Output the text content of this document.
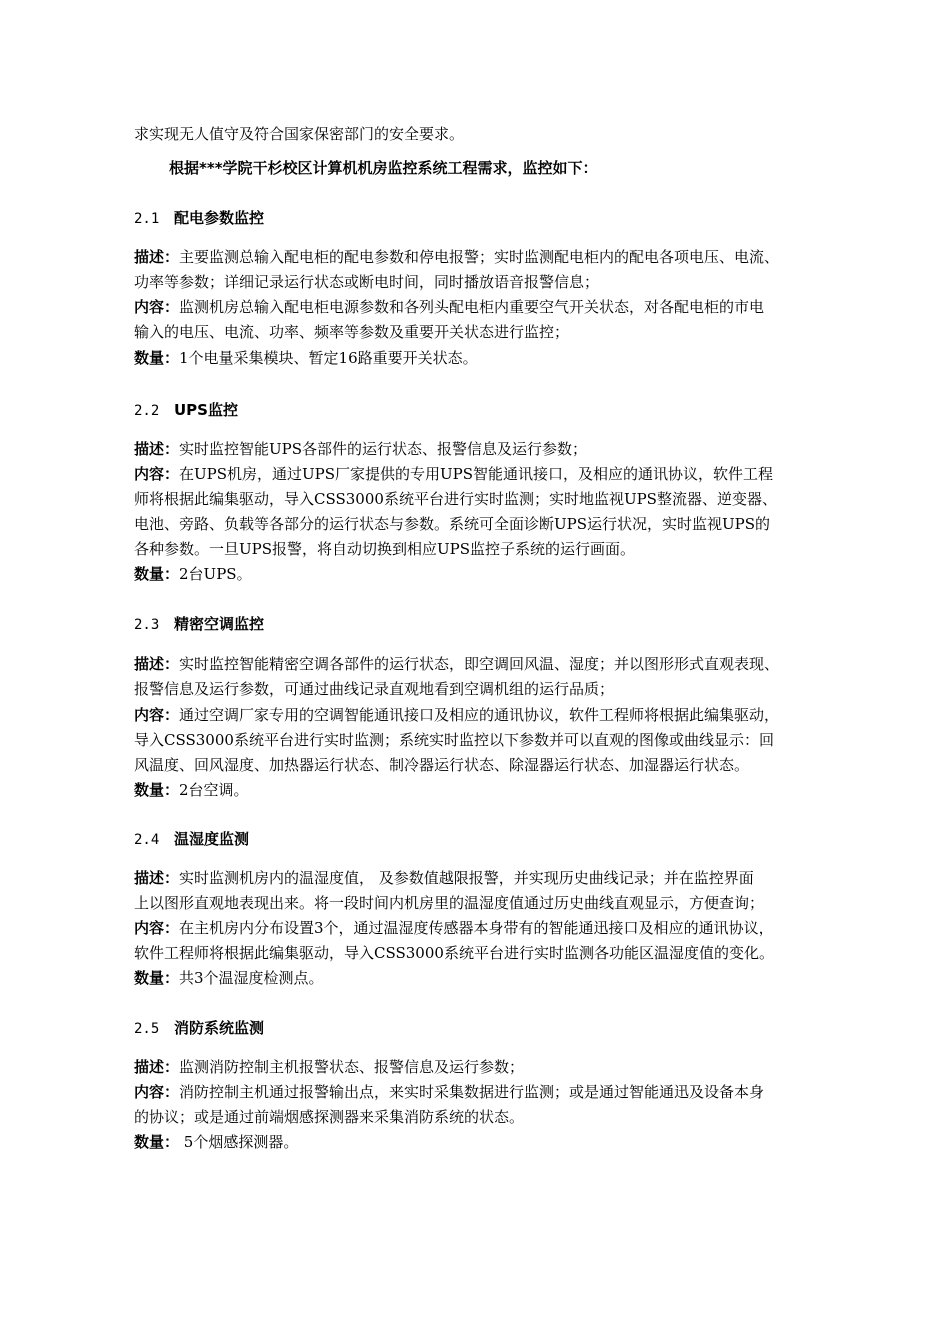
求实现无人值守及符合国家保密部门的安全要求。
根据***学院干杉校区计算机机房监控系统工程需求，监控如下：
2.1 配电参数监控
描述：主要监测总输入配电柜的配电参数和停电报警；实时监测配电柜内的配电各项电压、电流、
功率等参数；详细记录运行状态或断电时间，同时播放语音报警信息；
内容：监测机房总输入配电柜电源参数和各列头配电柜内重要空气开关状态，对各配电柜的市电
输入的电压、电流、功率、频率等参数及重要开关状态进行监控；
数量：1个电量采集模块、暂定16路重要开关状态。
2.2 UPS监控
描述：实时监控智能UPS各部件的运行状态、报警信息及运行参数；
内容：在UPS机房，通过UPS厂家提供的专用UPS智能通讯接口，及相应的通讯协议，软件工程
师将根据此编集驱动，导入CSS3000系统平台进行实时监测；实时地监视UPS整流器、逆变器、
电池、旁路、负载等各部分的运行状态与参数。系统可全面诊断UPS运行状况，实时监视UPS的
各种参数。一旦UPS报警，将自动切换到相应UPS监控子系统的运行画面。
数量：2台UPS。
2.3 精密空调监控
描述：实时监控智能精密空调各部件的运行状态，即空调回风温、湿度；并以图形形式直观表现、
报警信息及运行参数，可通过曲线记录直观地看到空调机组的运行品质；
内容：通过空调厂家专用的空调智能通讯接口及相应的通讯协议，软件工程师将根据此编集驱动，
导入CSS3000系统平台进行实时监测；系统实时监控以下参数并可以直观的图像或曲线显示：回
风温度、回风湿度、加热器运行状态、制冷器运行状态、除湿器运行状态、加湿器运行状态。
数量：2台空调。
2.4 温湿度监测
描述：实时监测机房内的温湿度值， 及参数值越限报警，并实现历史曲线记录；并在监控界面
上以图形直观地表现出来。将一段时间内机房里的温湿度值通过历史曲线直观显示，方便查询；
内容：在主机房内分布设置3个，通过温湿度传感器本身带有的智能通迅接口及相应的通讯协议，
软件工程师将根据此编集驱动，导入CSS3000系统平台进行实时监测各功能区温湿度值的变化。
数量：共3个温湿度检测点。
2.5 消防系统监测
描述：监测消防控制主机报警状态、报警信息及运行参数；
内容：消防控制主机通过报警输出点，来实时采集数据进行监测；或是通过智能通迅及设备本身
的协议；或是通过前端烟感探测器来采集消防系统的状态。
数量： 5个烟感探测器。
